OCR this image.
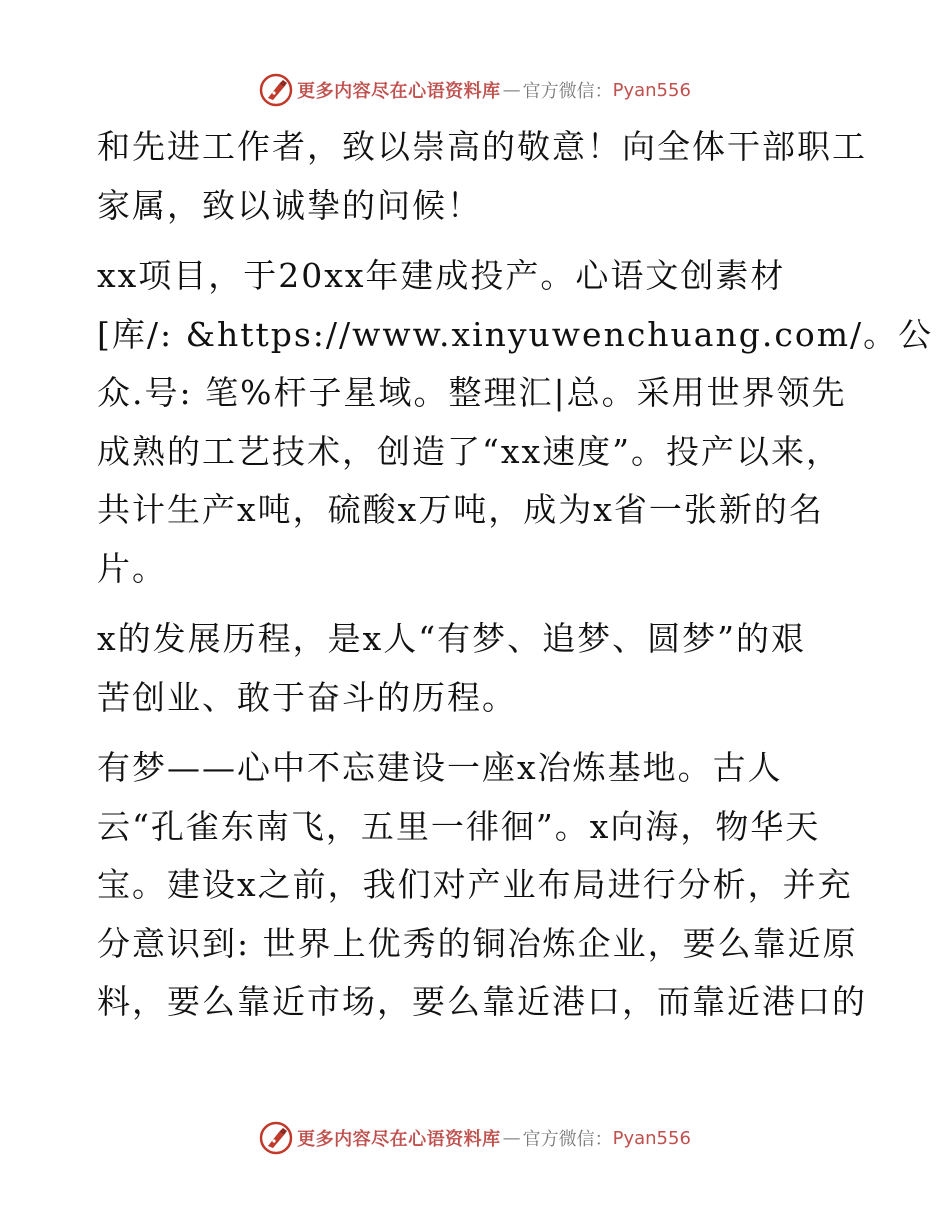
更多内容尽在心语资料库 — 官方微信： Pyan556

和先进工作者，致以崇高的敬意！向全体干部职工
家属，致以诚挚的问候！

xx项目，于20xx年建成投产。心语文创素材
[库/: &https://www.xinyuwenchuang.com/。公
众.号: 笔%杆子星域。整理汇|总。采用世界领先
成熟的工艺技术，创造了“xx速度”。投产以来，
共计生产x吨，硫酸x万吨，成为x省一张新的名
片。

x的发展历程，是x人“有梦、追梦、圆梦”的艰
苦创业、敢于奋斗的历程。

有梦——心中不忘建设一座x冶炼基地。古人
云“孔雀东南飞，五里一徘徊”。x向海，物华天
宝。建设x之前，我们对产业布局进行分析，并充
分意识到: 世界上优秀的铜冶炼企业，要么靠近原
料，要么靠近市场，要么靠近港口，而靠近港口的

更多内容尽在心语资料库 — 官方微信： Pyan556
